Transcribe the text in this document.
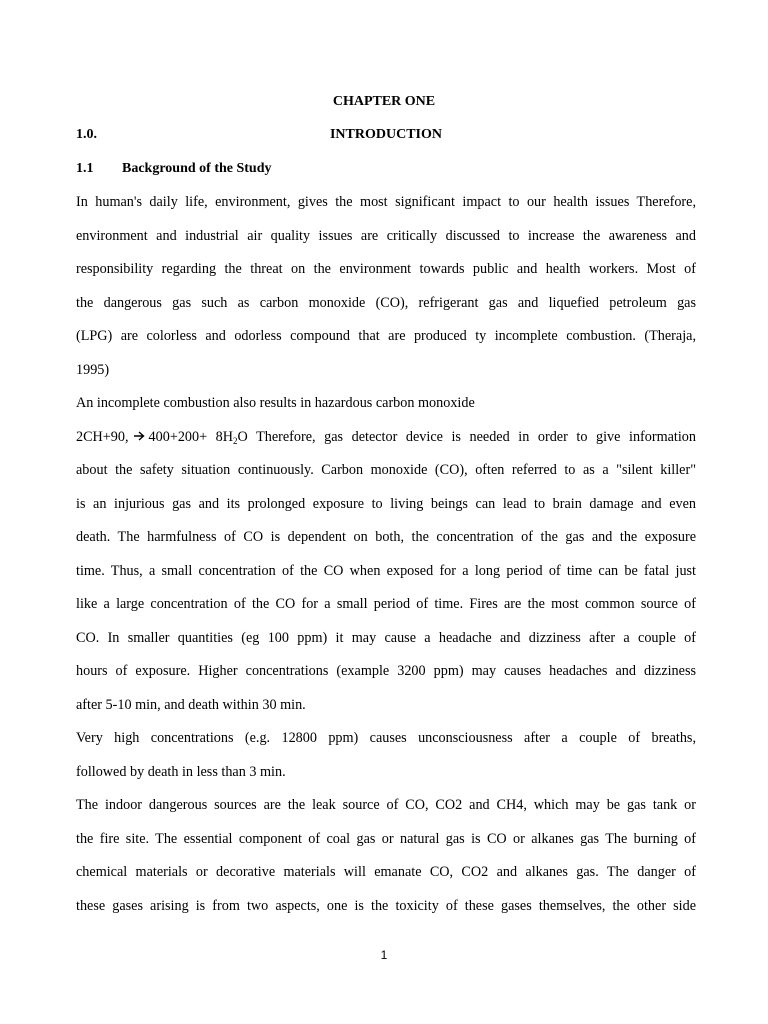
CHAPTER ONE
1.0.	INTRODUCTION
1.1 Background of the Study
In human's daily life, environment, gives the most significant impact to our health issues Therefore,
environment and industrial air quality issues are critically discussed to increase the awareness and
responsibility regarding the threat on the environment towards public and health workers. Most of
the dangerous gas such as carbon monoxide (CO), refrigerant gas and liquefied petroleum gas
(LPG) are colorless and odorless compound that are produced ty incomplete combustion. (Theraja,
1995)
An incomplete combustion also results in hazardous carbon monoxide
2CH+90, $400+200+ 8H_2O$ Therefore, gas detector device is needed in order to give information
about the safety situation continuously. Carbon monoxide (CO), often referred to as a "silent killer"
is an injurious gas and its prolonged exposure to living beings can lead to brain damage and even
death. The harmfulness of CO is dependent on both, the concentration of the gas and the exposure
time. Thus, a small concentration of the CO when exposed for a long period of time can be fatal just
like a large concentration of the CO for a small period of time. Fires are the most common source of
CO. In smaller quantities (eg 100 ppm) it may cause a headache and dizziness after a couple of
hours of exposure. Higher concentrations (example 3200 ppm) may causes headaches and dizziness
after 5-10 min, and death within 30 min.
Very high concentrations (e.g. 12800 ppm) causes unconsciousness after a couple of breaths,
followed by death in less than 3 min.
The indoor dangerous sources are the leak source of CO, CO2 and CH4, which may be gas tank or
the fire site. The essential component of coal gas or natural gas is CO or alkanes gas The burning of
chemical materials or decorative materials will emanate CO, CO2 and alkanes gas. The danger of
these gases arising is from two aspects, one is the toxicity of these gases themselves, the other side
1
